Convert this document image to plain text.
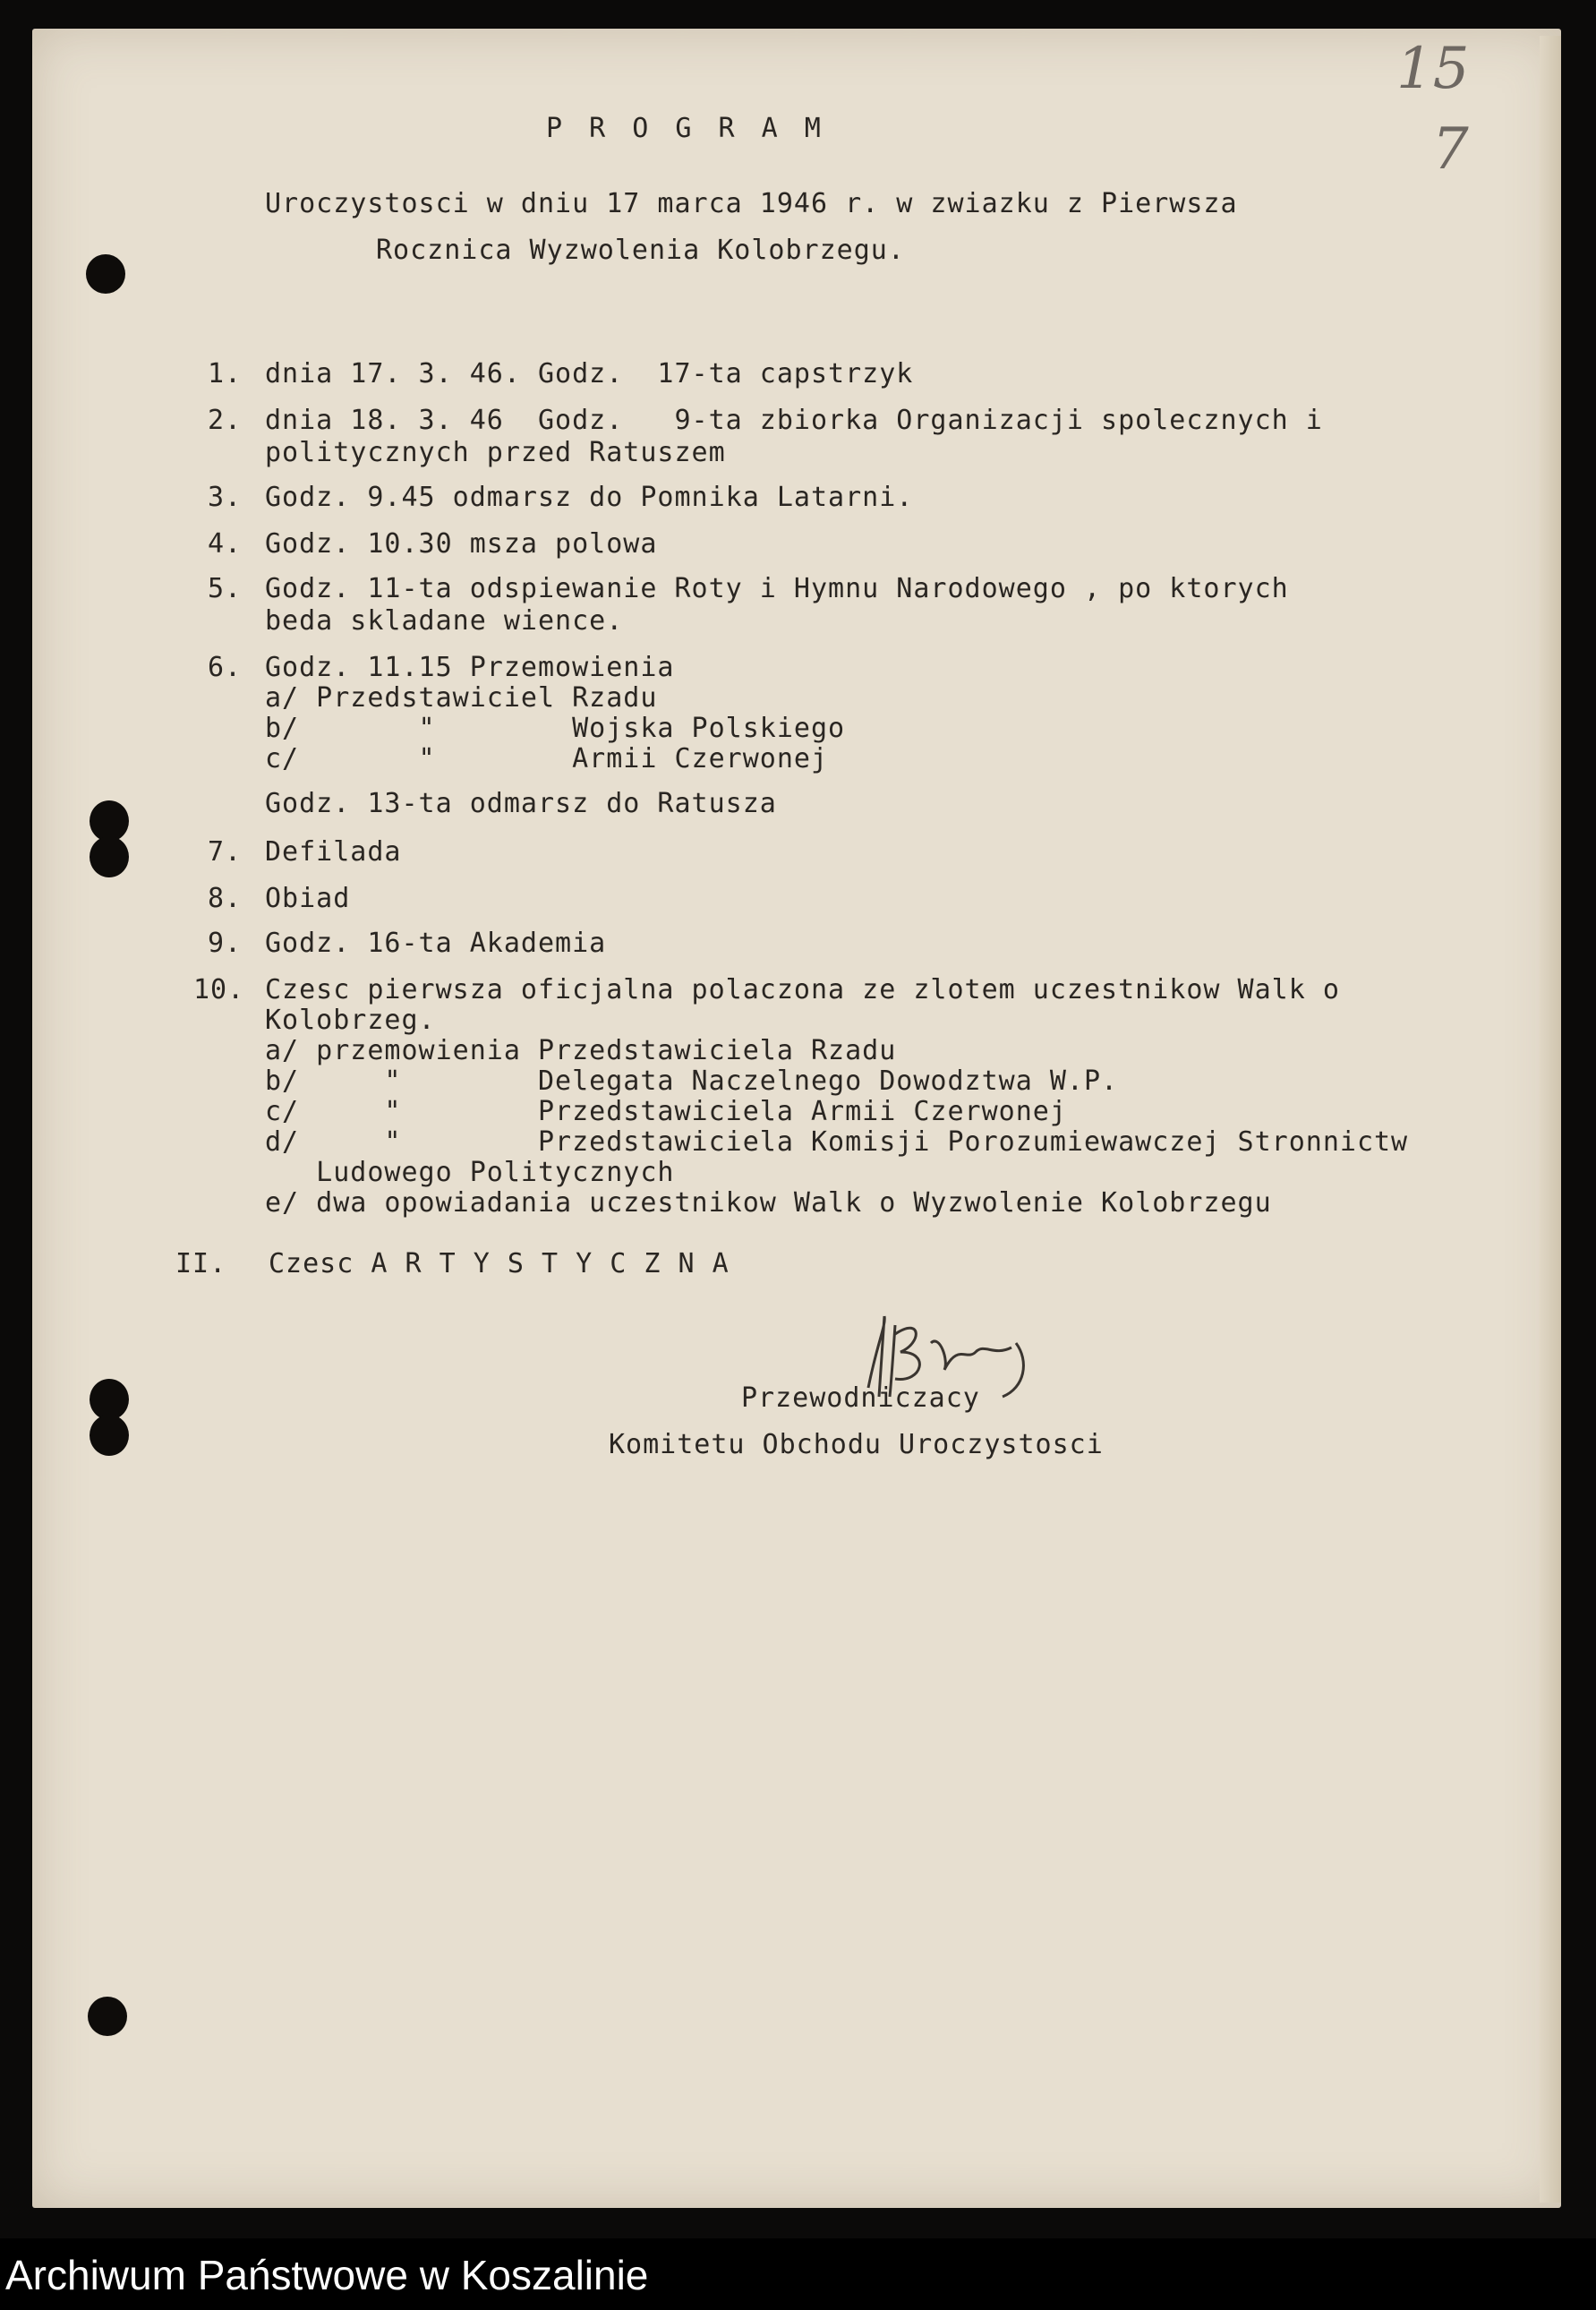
15
7
P R O G R A M
Uroczystosci w dniu 17 marca 1946 r. w zwiazku z Pierwsza
Rocznica Wyzwolenia Kolobrzegu.
1. dnia 17. 3. 46. Godz.  17-ta capstrzyk
2. dnia 18. 3. 46  Godz.   9-ta zbiorka Organizacji spolecznych i
politycznych przed Ratuszem
3. Godz. 9.45 odmarsz do Pomnika Latarni.
4. Godz. 10.30 msza polowa
5. Godz. 11-ta odspiewanie Roty i Hymnu Narodowego , po ktorych
beda skladane wience.
6. Godz. 11.15 Przemowienia
a/ Przedstawiciel Rzadu
b/       "        Wojska Polskiego
c/       "        Armii Czerwonej
Godz. 13-ta odmarsz do Ratusza
7. Defilada
8. Obiad
9. Godz. 16-ta Akademia
10. Czesc pierwsza oficjalna polaczona ze zlotem uczestnikow Walk o
Kolobrzeg.
a/ przemowienia Przedstawiciela Rzadu
b/     "        Delegata Naczelnego Dowodztwa W.P.
c/     "        Przedstawiciela Armii Czerwonej
d/     "        Przedstawiciela Komisji Porozumiewawczej Stronnictw
Ludowego Politycznych
e/ dwa opowiadania uczestnikow Walk o Wyzwolenie Kolobrzegu
II. Czesc A R T Y S T Y C Z N A
Przewodniczacy
Komitetu Obchodu Uroczystosci
Archiwum Państwowe w Koszalinie
